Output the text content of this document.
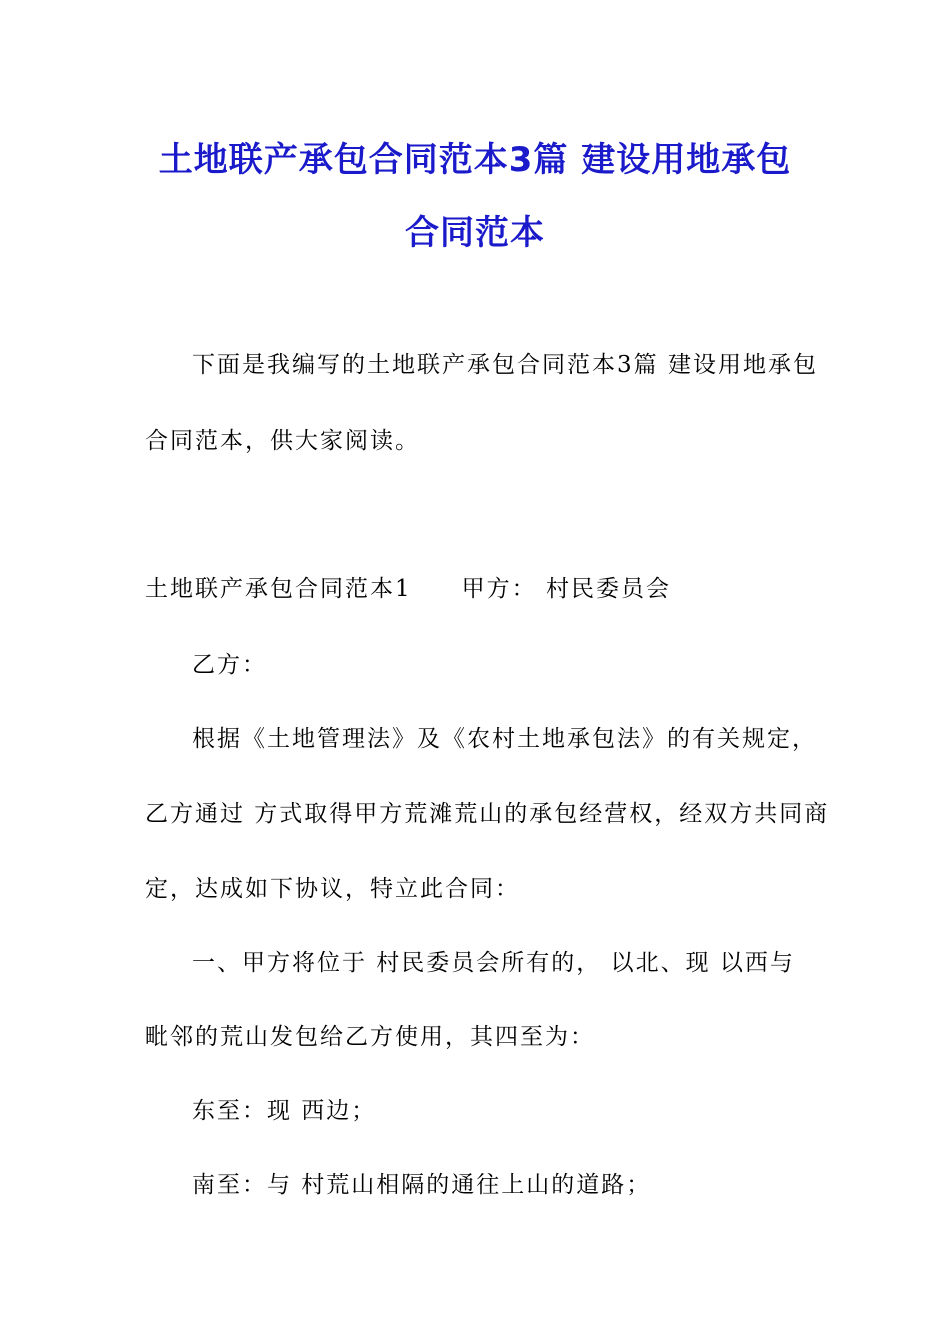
土地联产承包合同范本3篇 建设用地承包
合同范本
下面是我编写的土地联产承包合同范本3篇 建设用地承包
合同范本，供大家阅读。
土地联产承包合同范本1　　甲方： 村民委员会
乙方：
根据《土地管理法》及《农村土地承包法》的有关规定，
乙方通过 方式取得甲方荒滩荒山的承包经营权，经双方共同商
定，达成如下协议，特立此合同：
一、甲方将位于 村民委员会所有的， 以北、现 以西与
毗邻的荒山发包给乙方使用，其四至为：
东至：现 西边；
南至：与 村荒山相隔的通往上山的道路；
